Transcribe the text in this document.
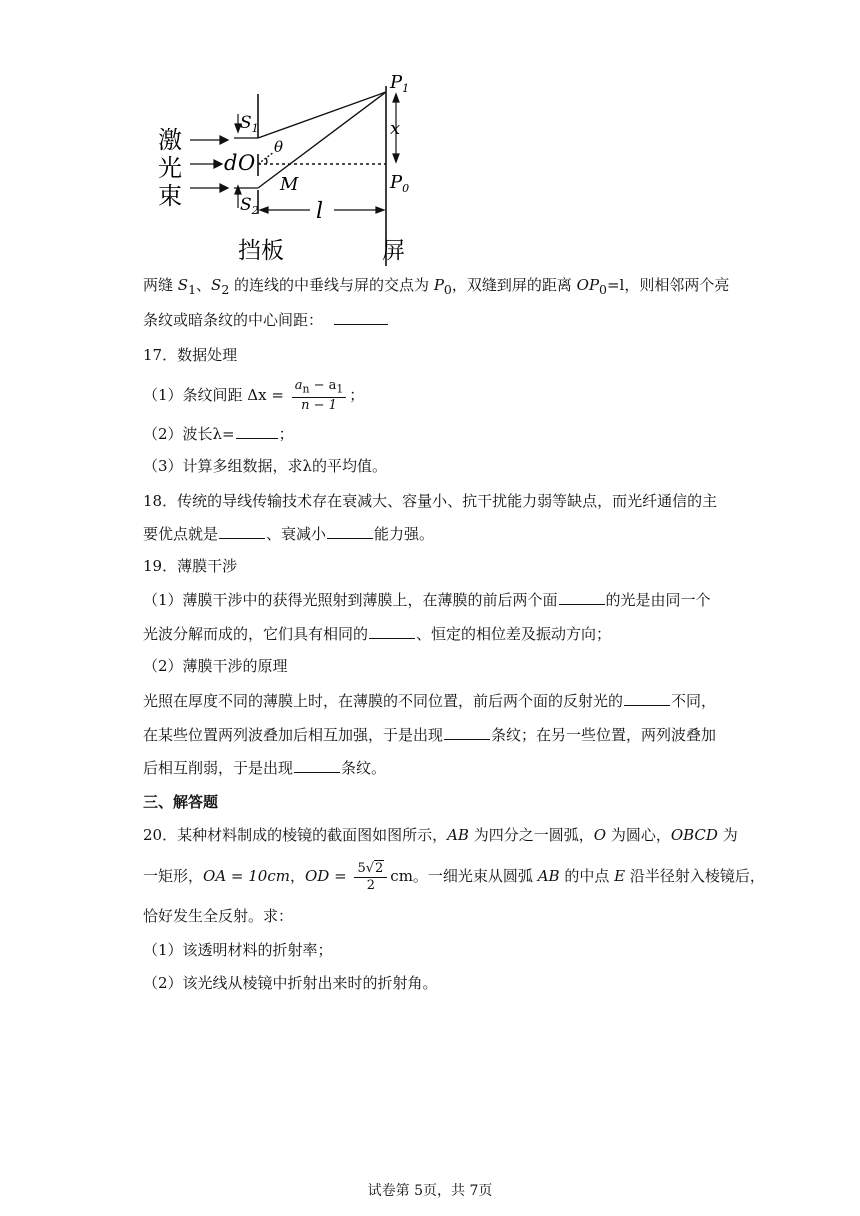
激
光
束
$S_1$
$S_2$
d O
θ
M
$P_1$
$P_0$
x
l
挡板	屏
两缝 $S_1$、$S_2$ 的连线的中垂线与屏的交点为 $P_0$，双缝到屏的距离 $OP_0=l$，则相邻两个亮
条纹或暗条纹的中心间距：
17．数据处理
（1）条纹间距 $\Delta x = \frac{a_n - a_1}{n - 1}$ ；
（2）波长λ=	；
（3）计算多组数据，求λ的平均值。
18．传统的导线传输技术存在衰减大、容量小、抗干扰能力弱等缺点，而光纤通信的主
要优点就是	、衰减小	能力强。
19．薄膜干涉
（1）薄膜干涉中的获得光照射到薄膜上，在薄膜的前后两个面	的光是由同一个
光波分解而成的，它们具有相同的	、恒定的相位差及振动方向；
（2）薄膜干涉的原理
光照在厚度不同的薄膜上时，在薄膜的不同位置，前后两个面的反射光的	不同，
在某些位置两列波叠加后相互加强，于是出现	条纹；在另一些位置，两列波叠加
后相互削弱，于是出现	条纹。
三、解答题
20．某种材料制成的棱镜的截面图如图所示，AB 为四分之一圆弧，O 为圆心，OBCD 为
一矩形，OA = 10cm，OD = $\frac{5√2}{2}$ cm。一细光束从圆弧 AB 的中点 E 沿半径射入棱镜后，
恰好发生全反射。求：
（1）该透明材料的折射率；
（2）该光线从棱镜中折射出来时的折射角。
试卷第 5页，共 7页
